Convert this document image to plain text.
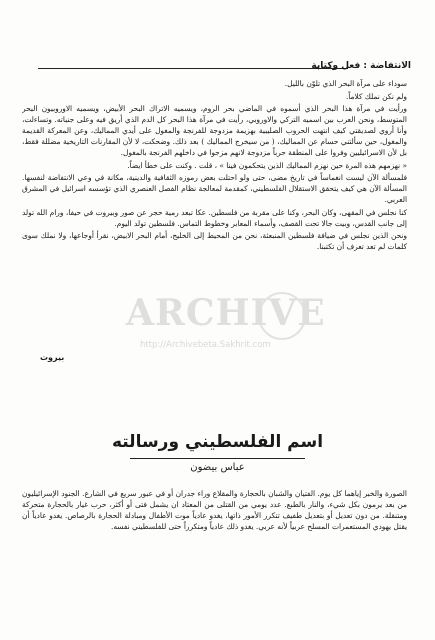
الانتفاضة : فعل وكتابة

سوداء على مرآة البحر الذي تلوّن بالليل.

ولم نكن نملك كلاماً.

ورأيت في مرآة هذا البحر الذي أسموه في الماضي بحر الروم، ويسميه الاتراك البحر الأبيض، ويسميه الاوروبيون البحر المتوسط، ونحن العرب بين اسميه التركي والاوروبي، رأيت في مرآة هذا البحر كل الدم الذي أريق فيه وعلى جنباته. وتساءلت، وأنا أروي لصديقتي كيف انتهت الحروب الصليبية بهزيمة مزدوجة للفرنجة والمغول على أيدي المماليك، وعن المعركة القديمة والمغول، حين سألتني حسام عن المماليك، ( من سيخرج المماليك ) بعد ذلك. وضحكت، لا لأن المقارنات التاريخية مضللة فقط، بل لأن الاسرائيليين وفروا على المنطقة حرباً مزدوجة لانهم مزجوا في داخلهم الفرنجة بالمغول.

« نهزمهم هذه المرة حين نهزم المماليك الذين يتحكمون فينا » ، قلت . وكنت على خطأ ايضاً.

فلمسألة الآن ليست انغماساً في تاريخ مضى، حتى ولو احتلت بعض رموزه الثقافية والدينية، مكانة في وعي الانتفاضة لنفسها. المسألة الآن هي كيف يتحقق الاستقلال الفلسطيني، كمقدمة لمعالجة نظام الفصل العنصري الذي تؤسسه اسرائيل في المشرق العربي.

كنا نجلس في المقهى، وكان البحر، وكنا على مقربة من فلسطين. عكا تبعد رمية حجر عن صور وبيروت في حيفا، ورام الله تولد إلى جانب القدس، وبيت جالا تحت القصف، وأسماء المعابر وخطوط التماس. فلسطين تولد اليوم.

ونحن الذين نجلس في ضيافة فلسطين المنبعثة، نحن من المحيط إلى الخليج، أمام البحر الابيض، نقرأ أوجاعها، ولا نملك سوى كلمات لم تعد تعرف أن تكتبنا.

بيروت
اسم الفلسطيني ورسالته
عباس بيضون

الصورة والخبر إياهما كل يوم. الفتيان والشبان بالحجارة والمقلاع وراء جدران أو في عبور سريع في الشارع. الجنود الإسرائيليون من بعد يرمون بكل شيء، والنار بالطبع. عدد يومي من القتلى من المعتاد ان يشمل فتى أو أكثر، حرب غيار بالحجارة متحركة ومتنقلة. من دون تعديل أو بتعديل طفيف تتكرر الأمور ذاتها، يغدو عادياً موت الأطفال ومبادلة الحجارة بالرصاص. يغدو عادياً أن يقتل يهودي المستعمرات المسلح عربياً لأنه عربي. يغدو ذلك عادياً ومتكرراً حتى للفلسطيني نفسه.

ARCHIVE
http://Archivebeta.Sakhrit.com
